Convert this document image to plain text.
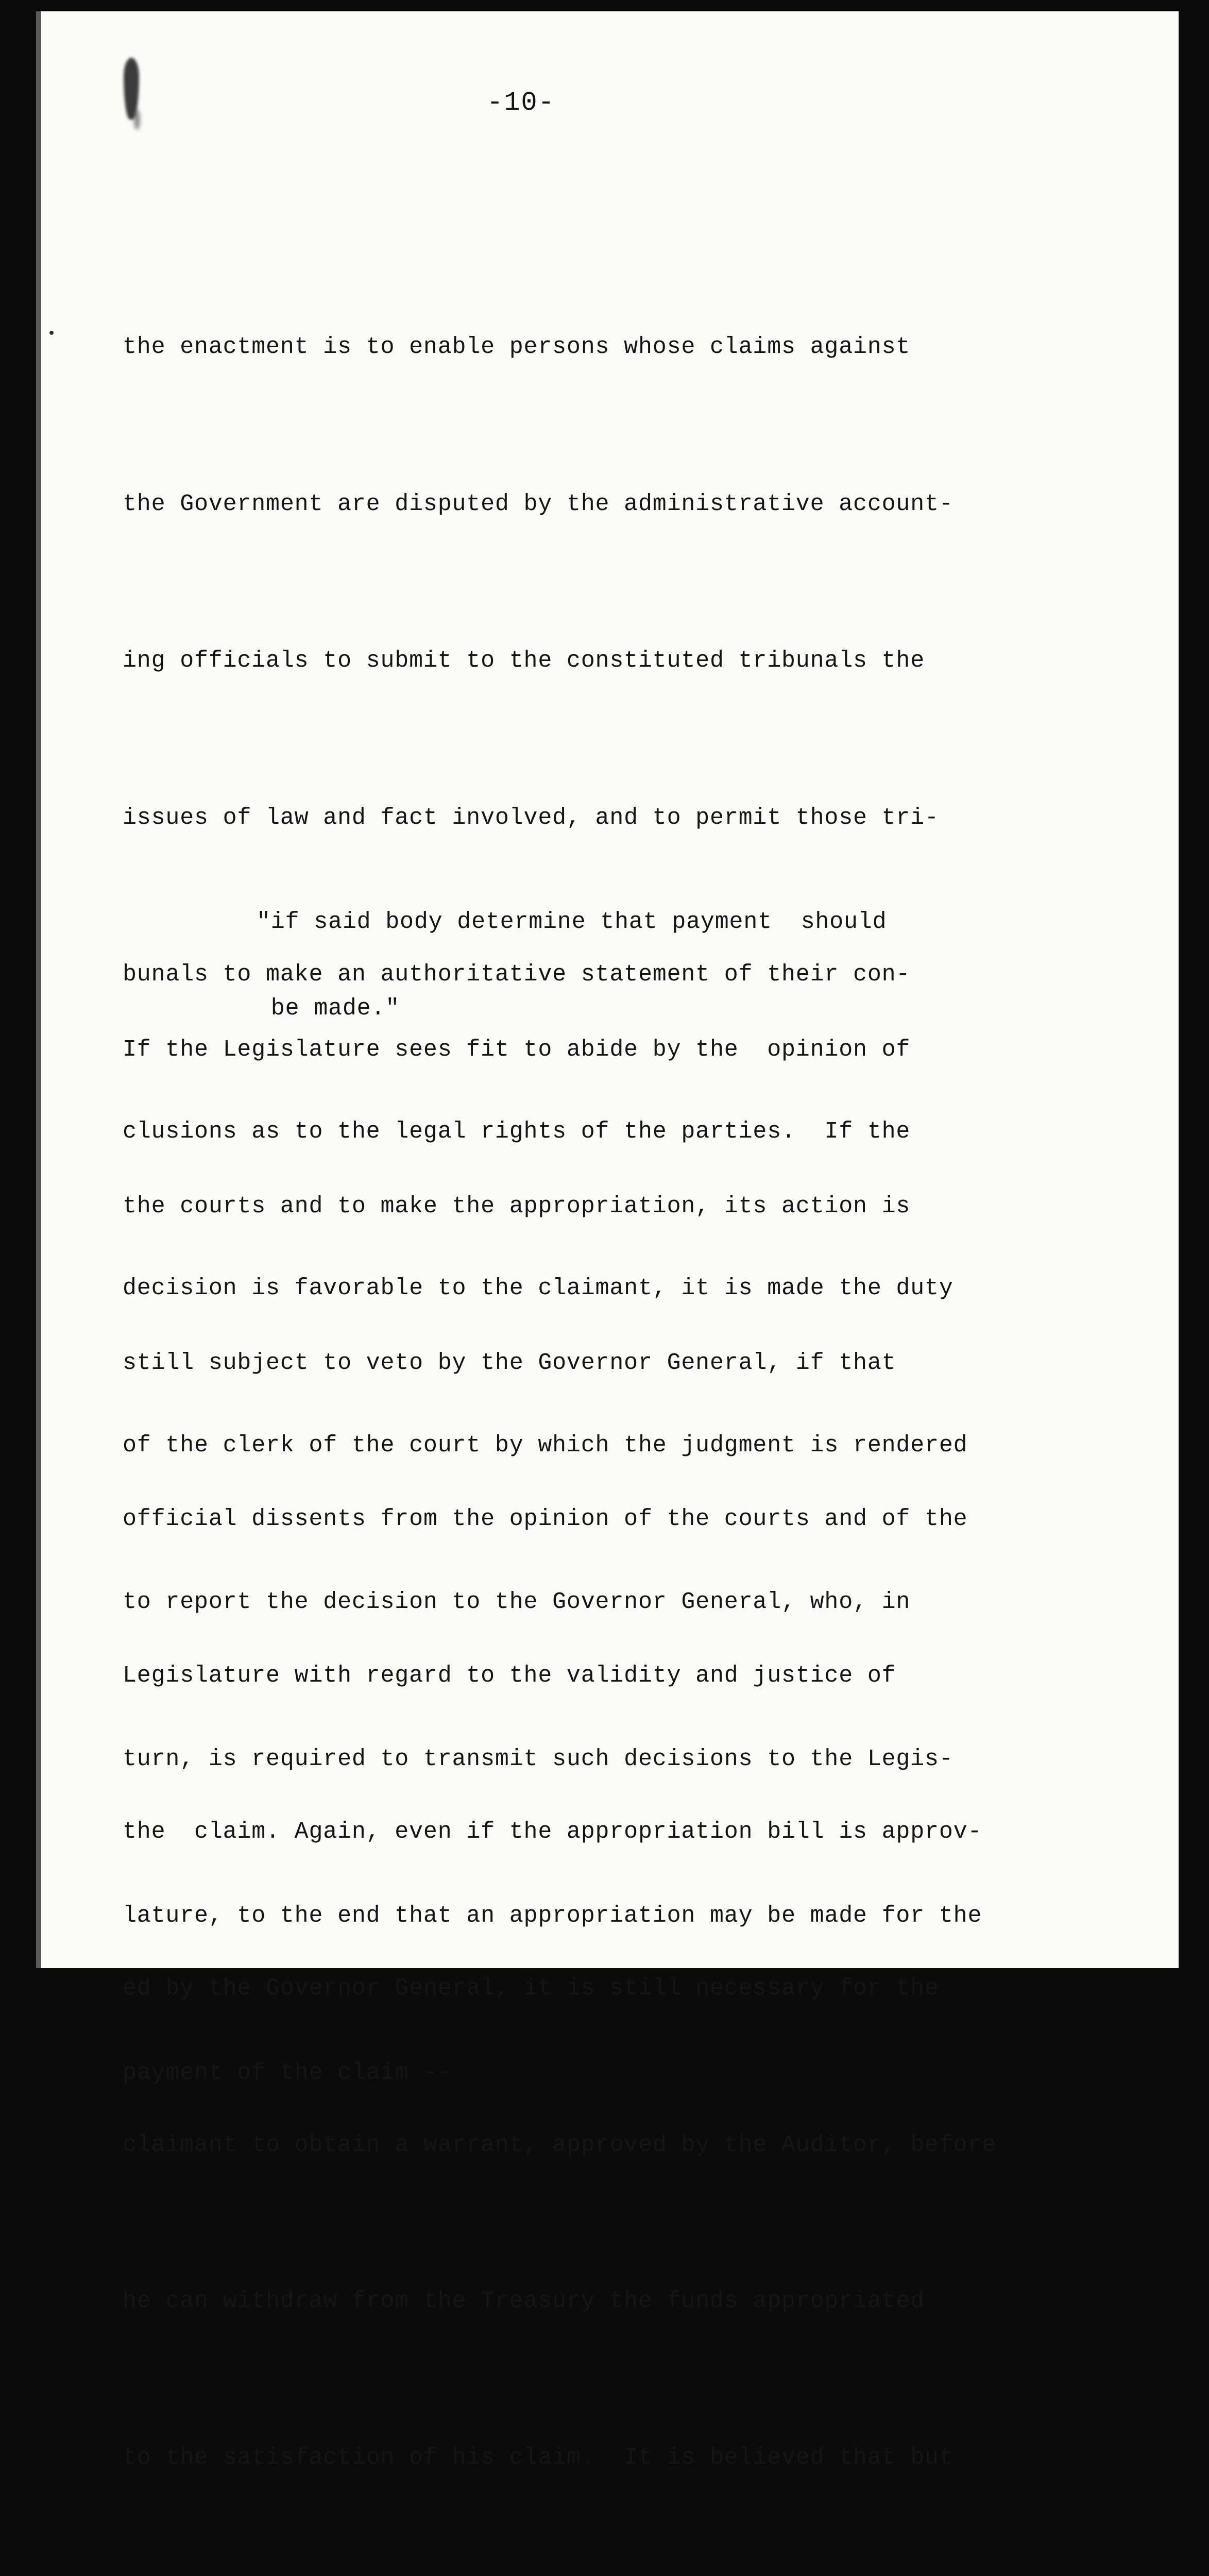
-10-

the enactment is to enable persons whose claims against

the Government are disputed by the administrative account-

ing officials to submit to the constituted tribunals the

issues of law and fact involved, and to permit those tri-

bunals to make an authoritative statement of their con-

clusions as to the legal rights of the parties.  If the

decision is favorable to the claimant, it is made the duty

of the clerk of the court by which the judgment is rendered

to report the decision to the Governor General, who, in

turn, is required to transmit such decisions to the Legis-

lature, to the end that an appropriation may be made for the

payment of the claim --

"if said body determine that payment  should

be made."

If the Legislature sees fit to abide by the  opinion of

the courts and to make the appropriation, its action is

still subject to veto by the Governor General, if that

official dissents from the opinion of the courts and of the

Legislature with regard to the validity and justice of

the  claim. Again, even if the appropriation bill is approv-

ed by the Governor General, it is still necessary for the

claimant to obtain a warrant, approved by the Auditor, before

he can withdraw from the Treasury the funds appropriated

to the satisfaction of his claim.  It is believed that but
